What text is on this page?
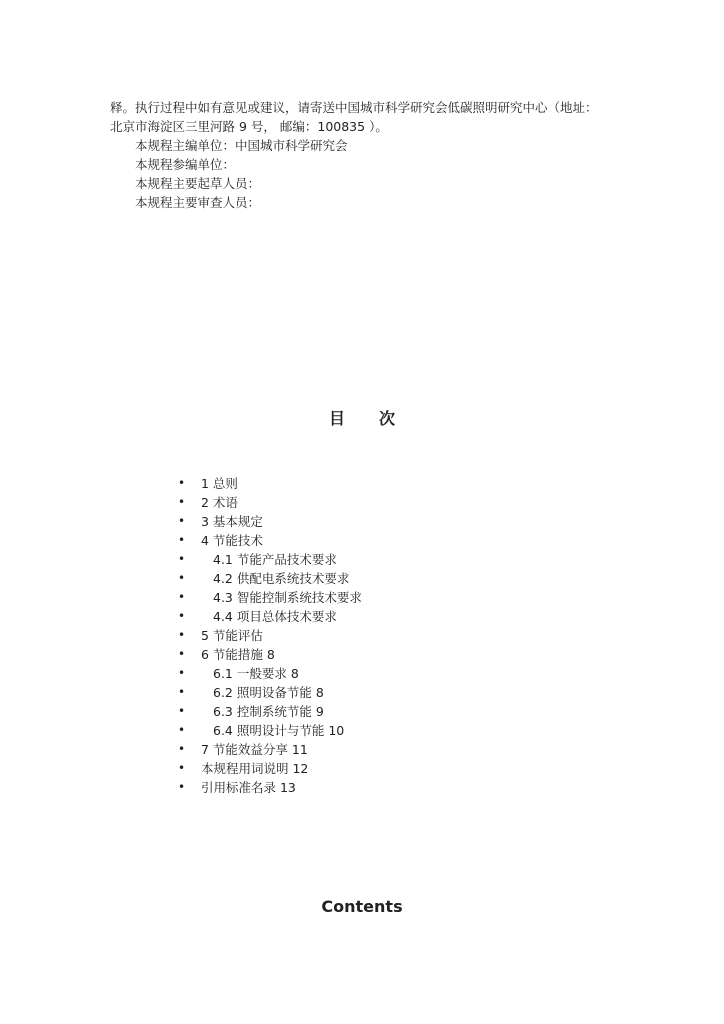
释。执行过程中如有意见或建议，请寄送中国城市科学研究会低碳照明研究中心（地址：

北京市海淀区三里河路 9 号， 邮编：100835 ）。

本规程主编单位：中国城市科学研究会

本规程参编单位：

本规程主要起草人员：

本规程主要审查人员：

目 次
• 1 总则
• 2 术语
• 3 基本规定
• 4 节能技术
• 4.1 节能产品技术要求
• 4.2 供配电系统技术要求
• 4.3 智能控制系统技术要求
• 4.4 项目总体技术要求
• 5 节能评估
• 6 节能措施 8
• 6.1 一般要求 8
• 6.2 照明设备节能 8
• 6.3 控制系统节能 9
• 6.4 照明设计与节能 10
• 7 节能效益分享 11
• 本规程用词说明 12
• 引用标准名录 13
Contents
